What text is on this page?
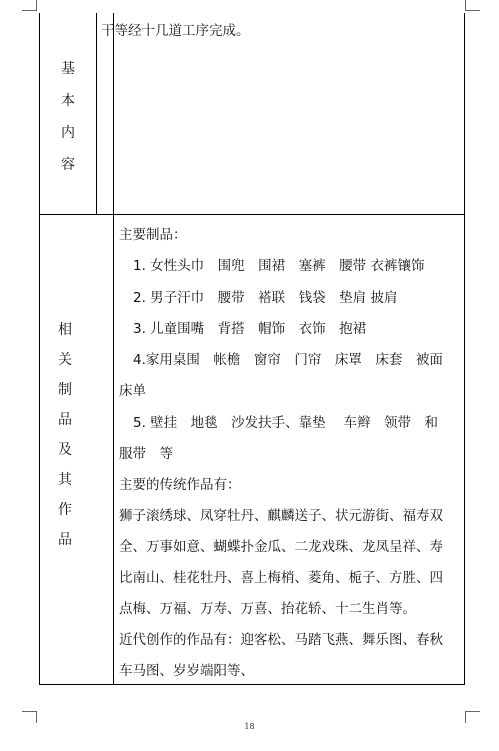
基
本
内
容
干等经十几道工序完成。
相
关
制
品
及
其
作
品
主要制品：
1. 女性头巾　围兜　围裙　塞裤　腰带 衣裤镶饰
2. 男子汗巾　腰带　褡联　钱袋　垫肩 披肩
3. 儿童围嘴　背搭　帽饰　衣饰　抱裙
4.家用桌围　帐檐　窗帘　门帘　床罩　床套　被面
床单
5. 壁挂　地毯　沙发扶手、靠垫　 车辫　领带　和
服带　等
主要的传统作品有：
狮子滚绣球、凤穿牡丹、麒麟送子、状元游街、福寿双
全、万事如意、蝴蝶扑金瓜、二龙戏珠、龙凤呈祥、寿
比南山、桂花牡丹、喜上梅梢、菱角、栀子、方胜、四
点梅、万福、万寿、万喜、抬花轿、十二生肖等。
近代创作的作品有：迎客松、马踏飞燕、舞乐图、春秋
车马图、岁岁端阳等、
18
